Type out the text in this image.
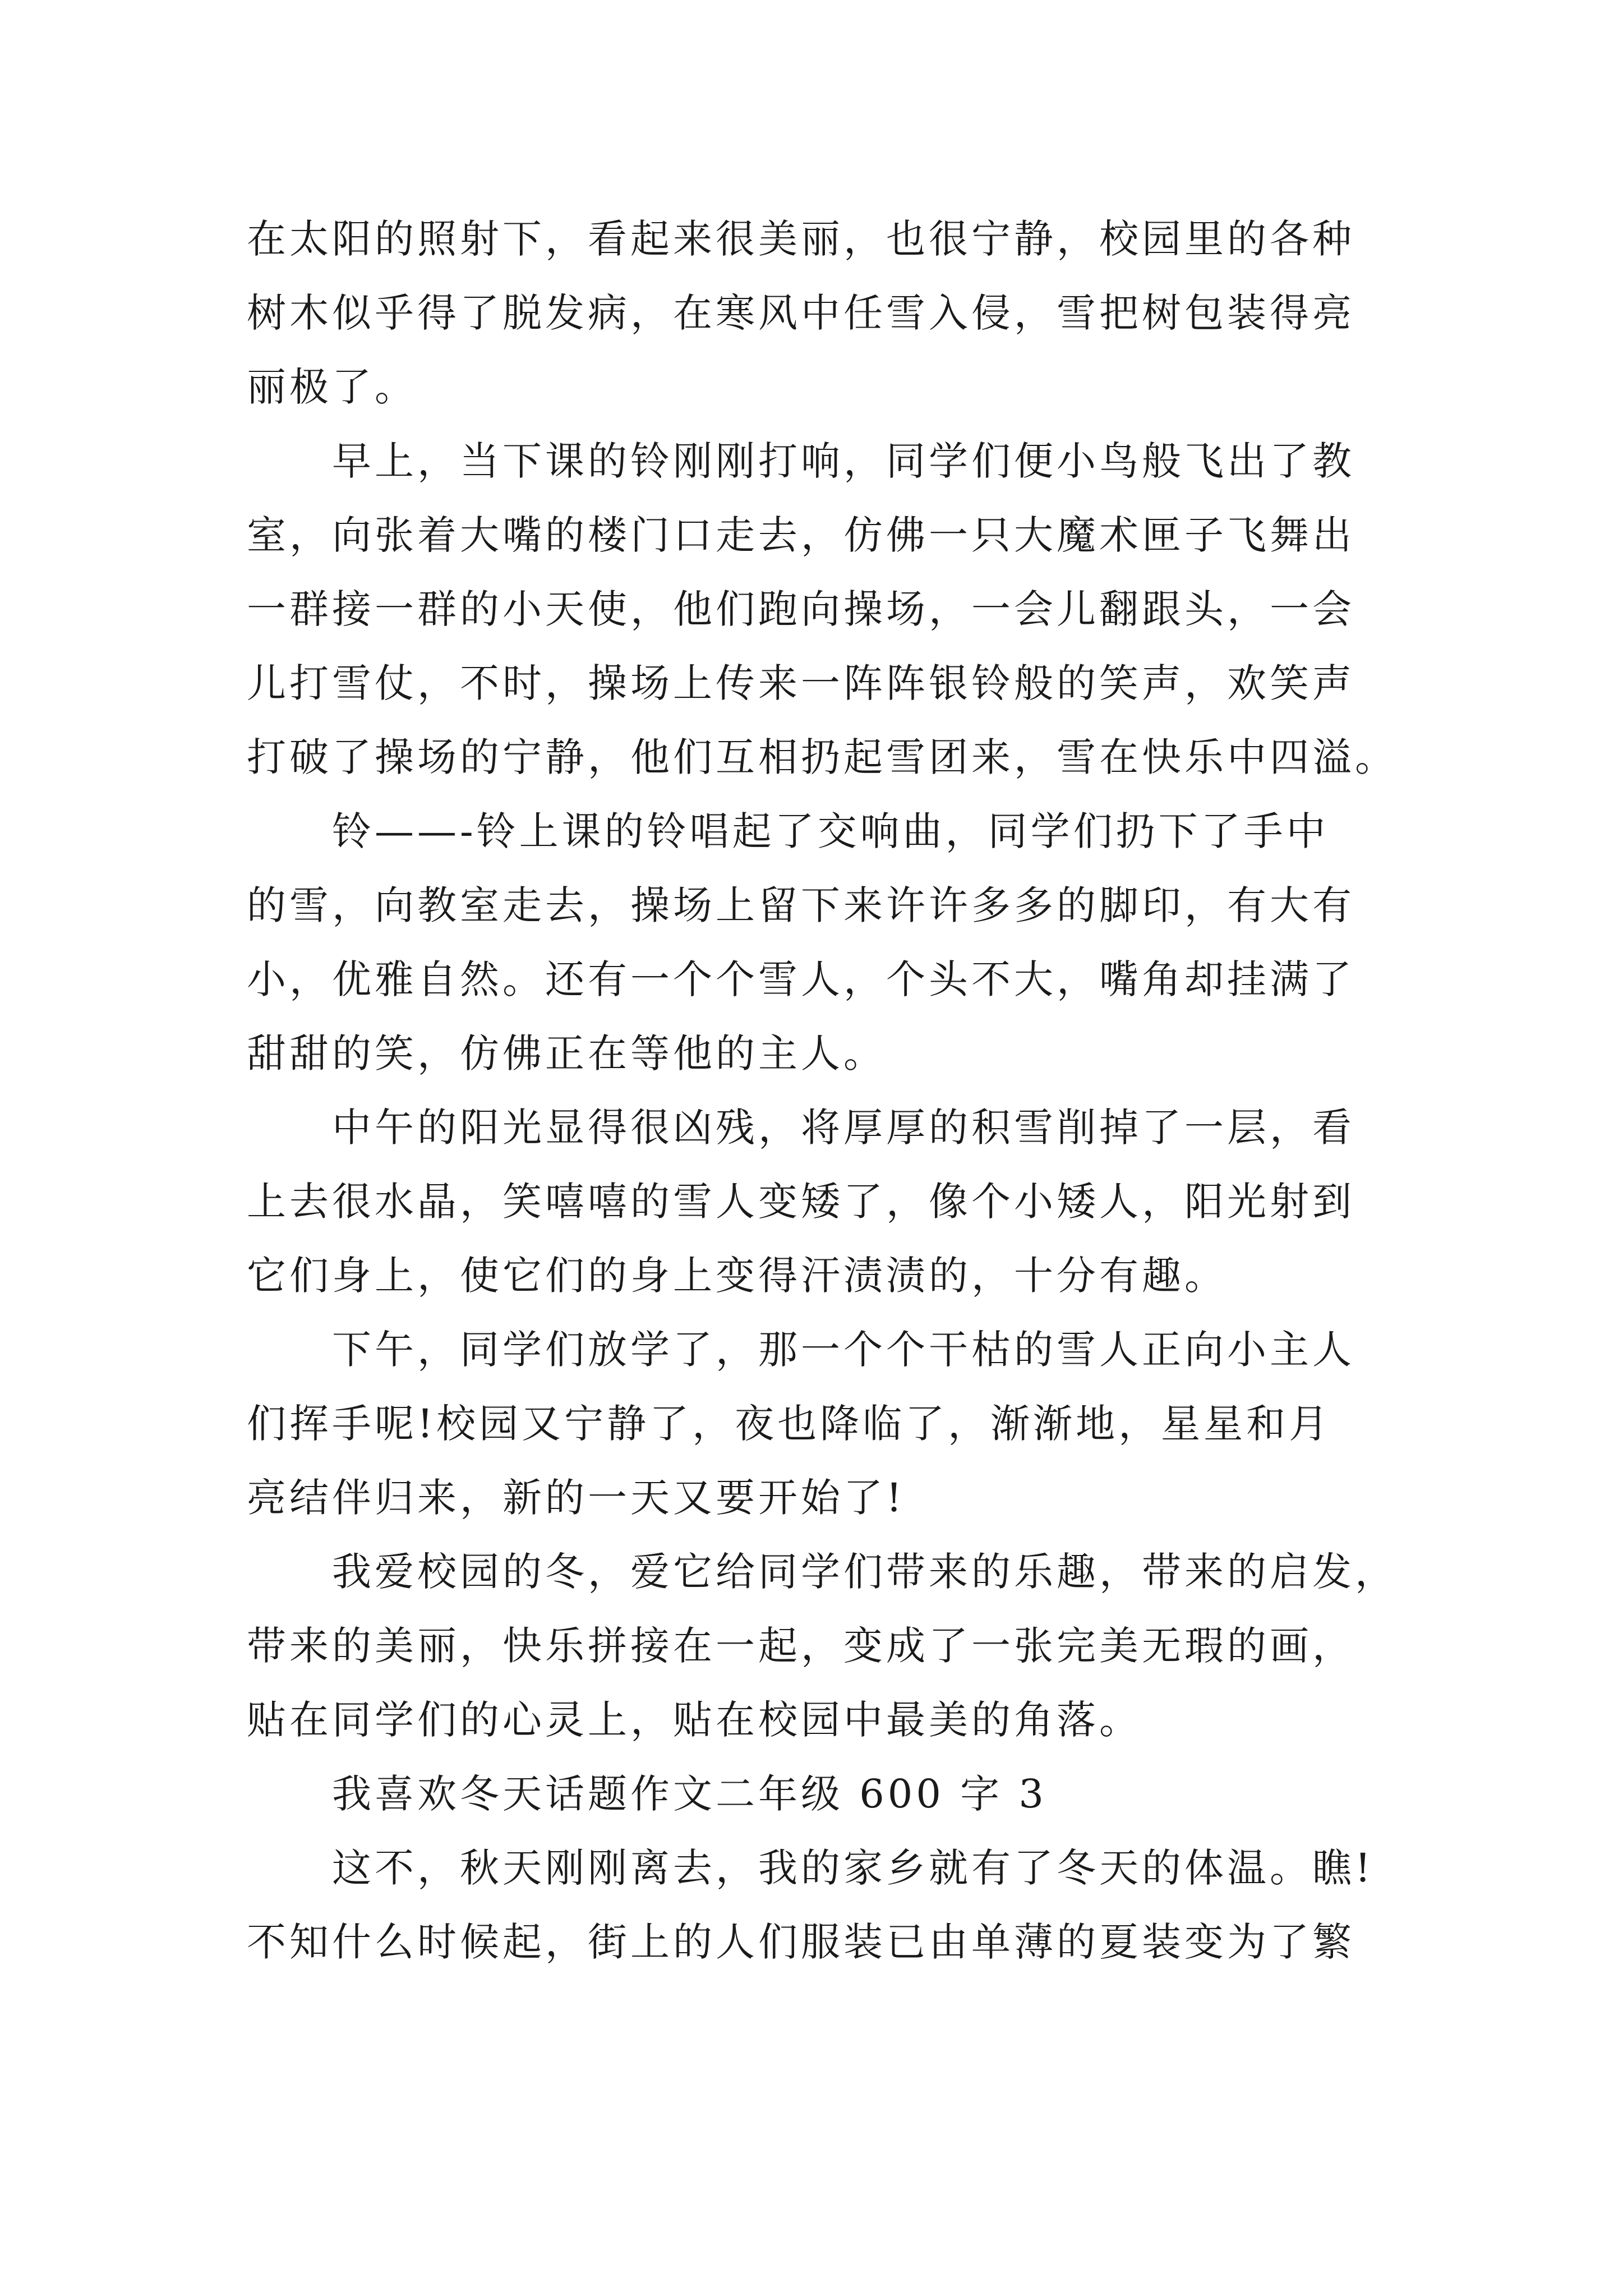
在太阳的照射下，看起来很美丽，也很宁静，校园里的各种
树木似乎得了脱发病，在寒风中任雪入侵，雪把树包装得亮
丽极了。
早上，当下课的铃刚刚打响，同学们便小鸟般飞出了教
室，向张着大嘴的楼门口走去，仿佛一只大魔术匣子飞舞出
一群接一群的小天使，他们跑向操场，一会儿翻跟头，一会
儿打雪仗，不时，操场上传来一阵阵银铃般的笑声，欢笑声
打破了操场的宁静，他们互相扔起雪团来，雪在快乐中四溢。
铃——-铃上课的铃唱起了交响曲，同学们扔下了手中
的雪，向教室走去，操场上留下来许许多多的脚印，有大有
小，优雅自然。还有一个个雪人，个头不大，嘴角却挂满了
甜甜的笑，仿佛正在等他的主人。
中午的阳光显得很凶残，将厚厚的积雪削掉了一层，看
上去很水晶，笑嘻嘻的雪人变矮了，像个小矮人，阳光射到
它们身上，使它们的身上变得汗渍渍的，十分有趣。
下午，同学们放学了，那一个个干枯的雪人正向小主人
们挥手呢!校园又宁静了，夜也降临了，渐渐地，星星和月
亮结伴归来，新的一天又要开始了!
我爱校园的冬，爱它给同学们带来的乐趣，带来的启发，
带来的美丽，快乐拼接在一起，变成了一张完美无瑕的画，
贴在同学们的心灵上，贴在校园中最美的角落。
我喜欢冬天话题作文二年级 600 字 3
这不，秋天刚刚离去，我的家乡就有了冬天的体温。瞧!
不知什么时候起，街上的人们服装已由单薄的夏装变为了繁
